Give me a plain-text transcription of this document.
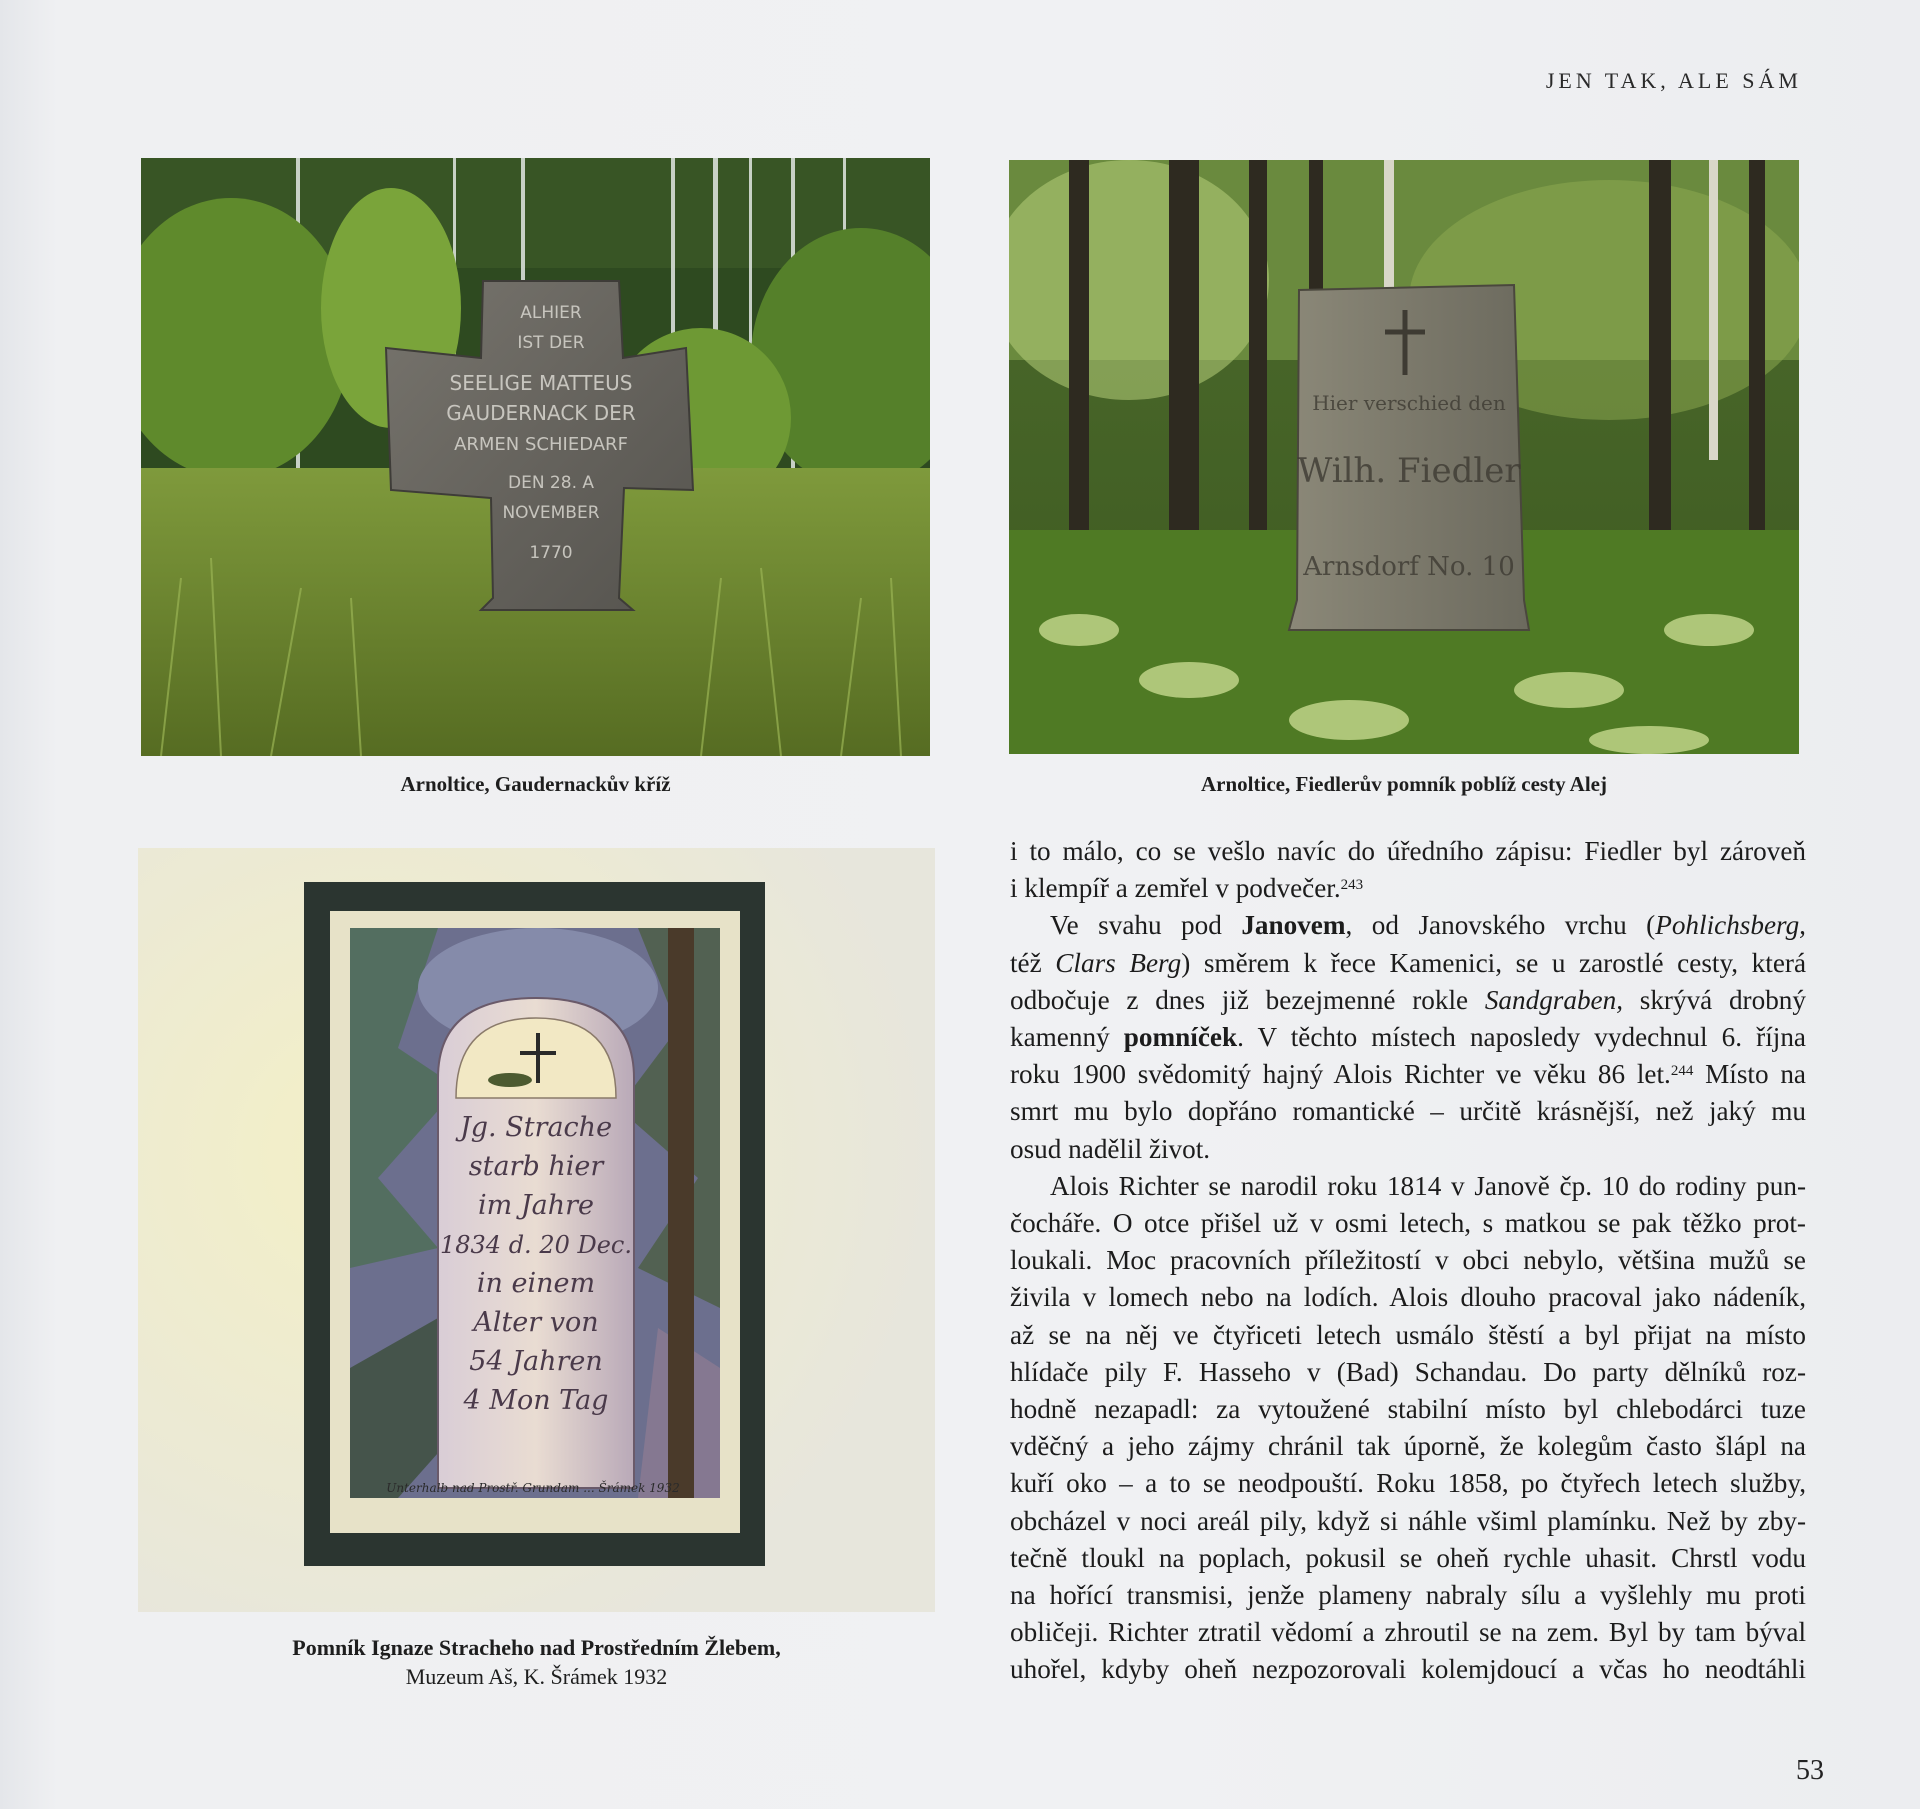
JEN TAK, ALE SÁM
ALHIER
IST DER
SEELIGE MATTEUS
GAUDERNACK DER
ARMEN SCHIEDARF
DEN 28. A
NOVEMBER
1770
Arnoltice, Gaudernackův kříž
Hier verschied den
Wilh. Fiedler
Arnsdorf No. 10
Arnoltice, Fiedlerův pomník poblíž cesty Alej
Jg. Strache
starb hier
im Jahre
1834 d. 20 Dec.
in einem
Alter von
54 Jahren
4 Mon Tag
Unterhalb nad Prostř. Grundam ... Šrámek 1932
Pomník Ignaze Stracheho nad Prostředním Žlebem,
Muzeum Aš, K. Šrámek 1932

i to málo, co se vešlo navíc do úředního zápisu: Fiedler byl zároveň

i klempíř a zemřel v podvečer.$^{243}$

Ve svahu pod Janovem, od Janovského vrchu (Pohlichsberg,

též Clars Berg) směrem k řece Kamenici, se u zarostlé cesty, která

odbočuje z dnes již bezejmenné rokle Sandgraben, skrývá drobný

kamenný pomníček. V těchto místech naposledy vydechnul 6. října

roku 1900 svědomitý hajný Alois Richter ve věku 86 let.$^{244}$ Místo na

smrt mu bylo dopřáno romantické – určitě krásnější, než jaký mu

osud nadělil život.

Alois Richter se narodil roku 1814 v Janově čp. 10 do rodiny pun-

čocháře. O otce přišel už v osmi letech, s matkou se pak těžko prot-

loukali. Moc pracovních příležitostí v obci nebylo, většina mužů se

živila v lomech nebo na lodích. Alois dlouho pracoval jako nádeník,

až se na něj ve čtyřiceti letech usmálo štěstí a byl přijat na místo

hlídače pily F. Hasseho v (Bad) Schandau. Do party dělníků roz-

hodně nezapadl: za vytoužené stabilní místo byl chlebodárci tuze

vděčný a jeho zájmy chránil tak úporně, že kolegům často šlápl na

kuří oko – a to se neodpouští. Roku 1858, po čtyřech letech služby,

obcházel v noci areál pily, když si náhle všiml plamínku. Než by zby-

tečně tloukl na poplach, pokusil se oheň rychle uhasit. Chrstl vodu

na hořící transmisi, jenže plameny nabraly sílu a vyšlehly mu proti

obličeji. Richter ztratil vědomí a zhroutil se na zem. Byl by tam býval

uhořel, kdyby oheň nezpozorovali kolemjdoucí a včas ho neodtáhli

53
